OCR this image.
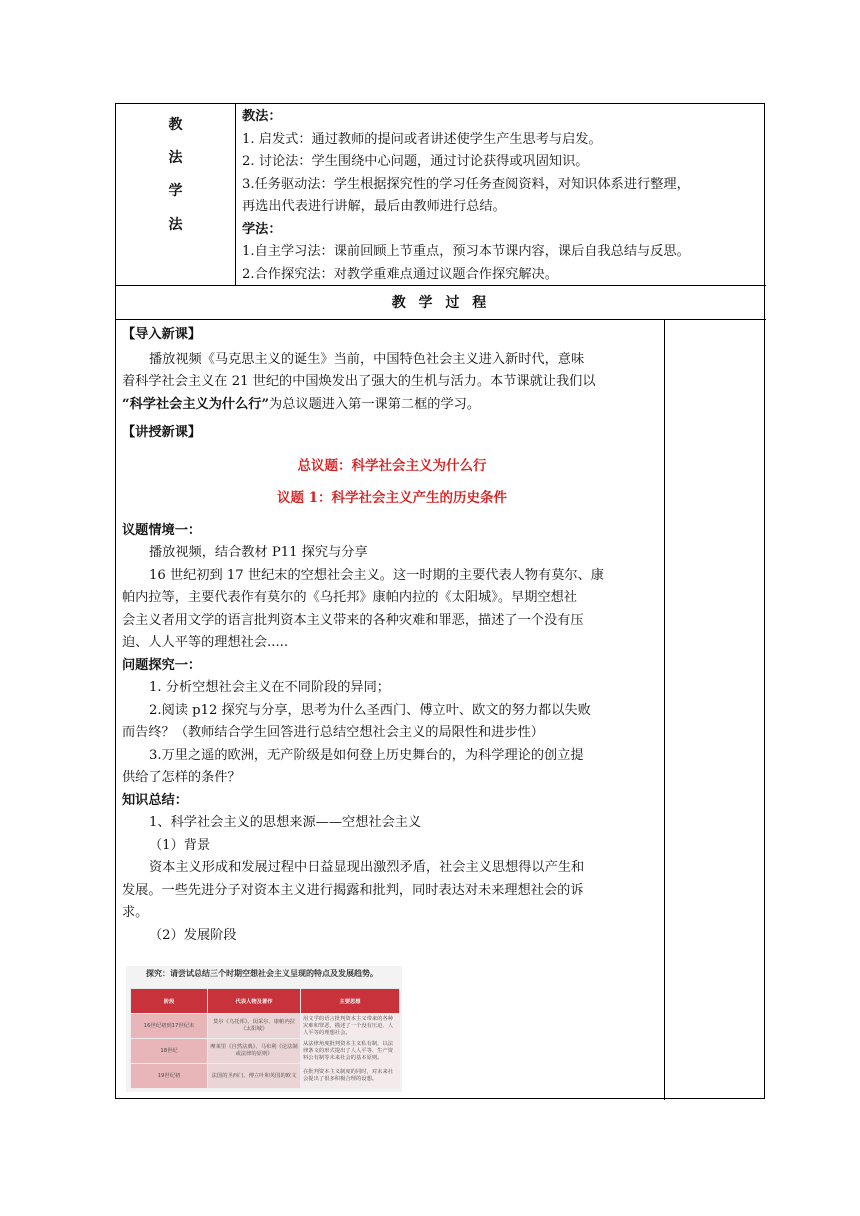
教
法
学
法
教法：
1. 启发式：通过教师的提问或者讲述使学生产生思考与启发。
2. 讨论法：学生围绕中心问题，通过讨论获得或巩固知识。
3.任务驱动法：学生根据探究性的学习任务查阅资料，对知识体系进行整理，
再选出代表进行讲解，最后由教师进行总结。
学法：
1.自主学习法：课前回顾上节重点，预习本节课内容，课后自我总结与反思。
2.合作探究法：对教学重难点通过议题合作探究解决。
教 学 过 程
【导入新课】
播放视频《马克思主义的诞生》当前，中国特色社会主义进入新时代，意味
着科学社会主义在 21 世纪的中国焕发出了强大的生机与活力。本节课就让我们以
“科学社会主义为什么行”为总议题进入第一课第二框的学习。
【讲授新课】
总议题：科学社会主义为什么行
议题 1：科学社会主义产生的历史条件
议题情境一：
播放视频，结合教材 P11 探究与分享
16 世纪初到 17 世纪末的空想社会主义。这一时期的主要代表人物有莫尔、康
帕内拉等，主要代表作有莫尔的《乌托邦》康帕内拉的《太阳城》。早期空想社
会主义者用文学的语言批判资本主义带来的各种灾难和罪恶，描述了一个没有压
迫、人人平等的理想社会.....
问题探究一：
1. 分析空想社会主义在不同阶段的异同；
2.阅读 p12 探究与分享，思考为什么圣西门、傅立叶、欧文的努力都以失败
而告终？（教师结合学生回答进行总结空想社会主义的局限性和进步性）
3.万里之遥的欧洲，无产阶级是如何登上历史舞台的，为科学理论的创立提
供给了怎样的条件？
知识总结：
1、科学社会主义的思想来源——空想社会主义
（1）背景
资本主义形成和发展过程中日益显现出激烈矛盾，社会主义思想得以产生和
发展。一些先进分子对资本主义进行揭露和批判，同时表达对未来理想社会的诉
求。
（2）发展阶段
探究：请尝试总结三个时期空想社会主义呈现的特点及发展趋势。
阶段	代表人物及著作	主要思想
16世纪初到17世纪末	莫尔《乌托邦》、闵采尔、康帕内拉《太阳城》	用文学的语言批判资本主义带来的各种灾难和罪恶，描述了一个没有压迫、人人平等的理想社会。
18世纪	摩莱里《自然法典》、马布利《论法制或法律的原则》	从法律角度批判资本主义私有制，以法律条文的形式提出了人人平等、生产资料公有制等未来社会的基本原则。
19世纪初	法国的圣西门、傅立叶和英国的欧文	在批判资本主义制度的同时，对未来社会提出了很多积极合理的设想。
